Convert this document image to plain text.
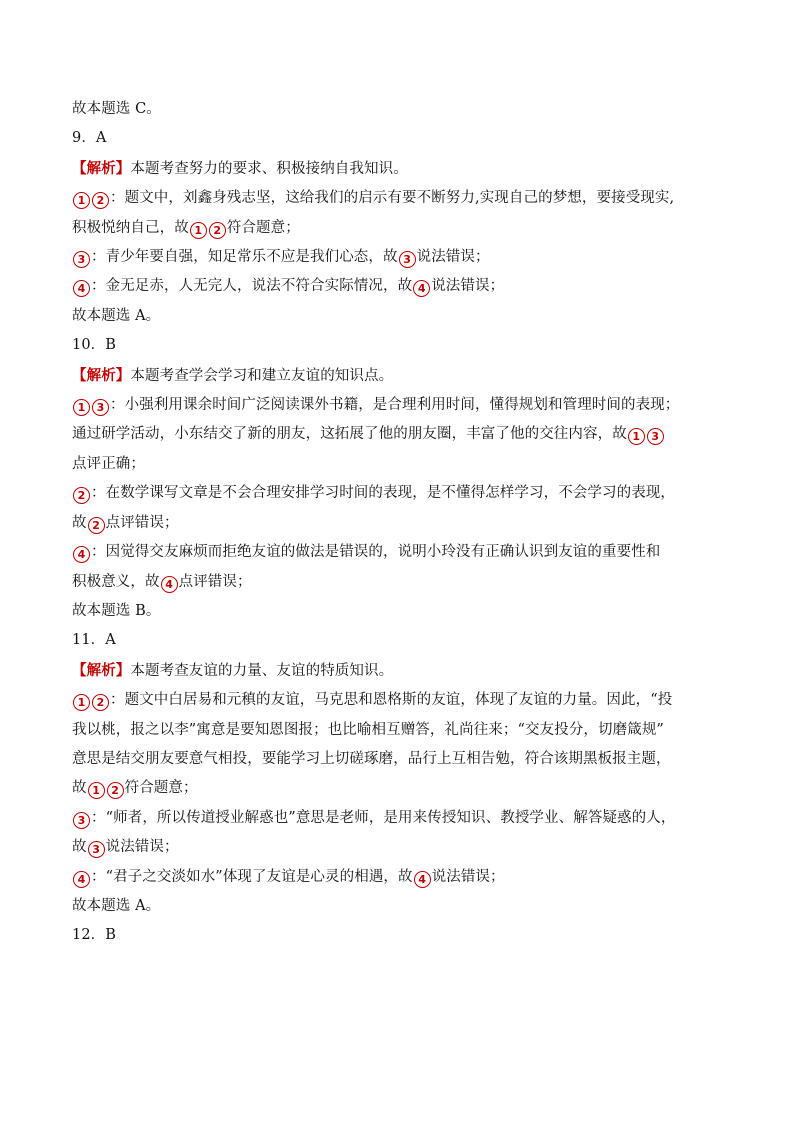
故本题选 C。
9．A
【解析】本题考查努力的要求、积极接纳自我知识。
1 2 ：题文中，刘鑫身残志坚，这给我们的启示有要不断努力,实现自己的梦想，要接受现实,
积极悦纳自己，故 1 2 符合题意；
3 ：青少年要自强，知足常乐不应是我们心态，故 3 说法错误；
4 ：金无足赤，人无完人，说法不符合实际情况，故 4 说法错误；
故本题选 A。
10．B
【解析】本题考查学会学习和建立友谊的知识点。
1 3 ：小强利用课余时间广泛阅读课外书籍，是合理利用时间，懂得规划和管理时间的表现；
通过研学活动，小东结交了新的朋友，这拓展了他的朋友圈，丰富了他的交往内容，故 1 3
点评正确；
2 ：在数学课写文章是不会合理安排学习时间的表现，是不懂得怎样学习，不会学习的表现，
故 2 点评错误；
4 ：因觉得交友麻烦而拒绝友谊的做法是错误的，说明小玲没有正确认识到友谊的重要性和
积极意义，故 4 点评错误；
故本题选 B。
11．A
【解析】本题考查友谊的力量、友谊的特质知识。
1 2 ：题文中白居易和元稹的友谊，马克思和恩格斯的友谊，体现了友谊的力量。因此，“投
我以桃，报之以李”寓意是要知恩图报；也比喻相互赠答，礼尚往来；“交友投分，切磨箴规”
意思是结交朋友要意气相投，要能学习上切磋琢磨，品行上互相告勉，符合该期黑板报主题，
故 1 2 符合题意；
3 ：“师者，所以传道授业解惑也”意思是老师，是用来传授知识、教授学业、解答疑惑的人，
故 3 说法错误；
4 ：“君子之交淡如水”体现了友谊是心灵的相遇，故 4 说法错误；
故本题选 A。
12．B
